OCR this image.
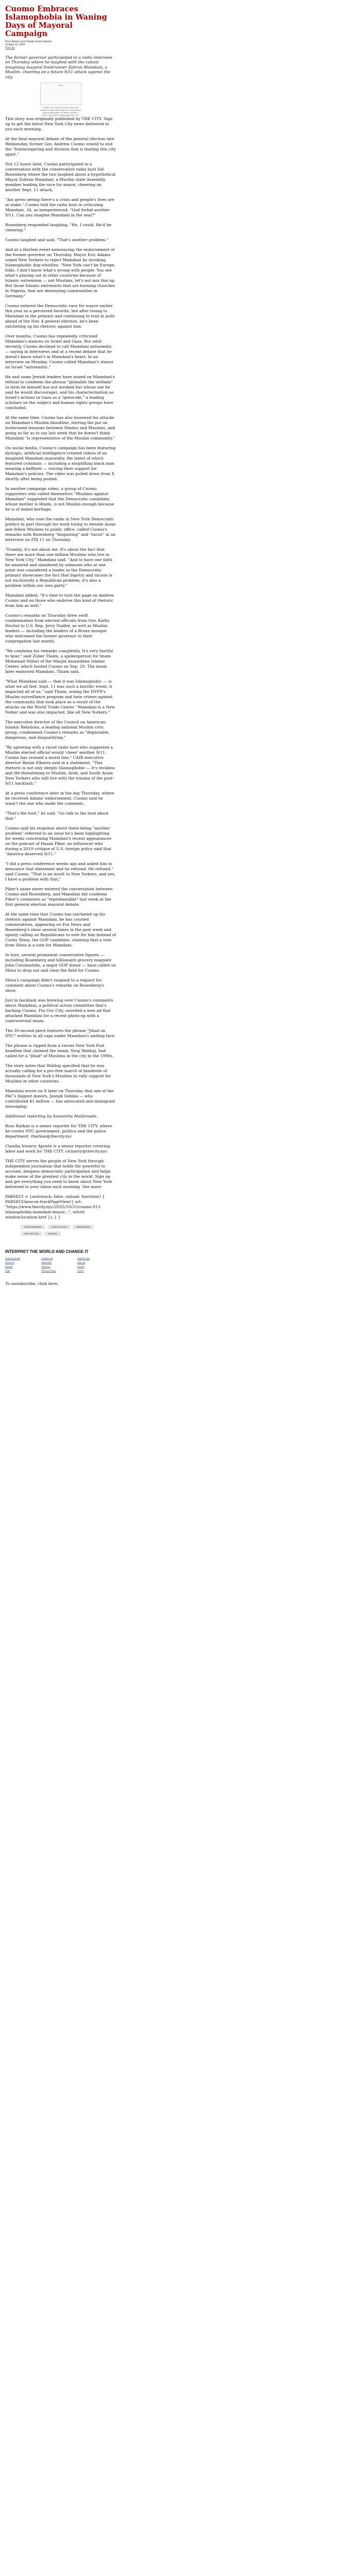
Cuomo Embraces Islamophobia in Waning Days of Mayoral Campaign
Ross Barkan and Claudia Irizarry Aponte
October 31, 2025
The City

The former governor participated in a radio interview on Thursday where he laughed with the cohost imagining mayoral frontrunner Zohran Mamdani, a Muslim, cheering on a future 9/11 attack against the city.

Photo
Former Gov. Andrew Cuomo greets the mayoral independent party at a conservative press headquarters in Harlem, March 1, 2025. Credit: Ben Fractenberg/THE CITY

This story was originally published by THE CITY. Sign up to get the latest New York City news delivered to you each morning.

At the final mayoral debate of the general election late Wednesday, former Gov. Andrew Cuomo vowed to end the "fearmongering and division that is tearing this city apart."

Not 12 hours later, Cuomo participated in a conversation with the conservative radio host Sid Rosenberg where the two laughed about a hypothetical Mayor Zohran Mamdani, a Muslim state Assembly member leading the race for mayor, cheering on another Sept. 11 attack.

"Am given seeing there's a crisis and people's lives are at stake," Cuomo told the radio host in criticizing Mamdani, 34, as inexperienced. "God forbid another 9/11. Can you imagine Mamdani in the seat?"

Rosenberg responded laughing, "He, I could. He'd be cheering."

Cuomo laughed and said, "That's another problem."

And at a Harlem event announcing the endorsement of the former governor on Thursday, Mayor Eric Adams urged New Yorkers to reject Mamdani by invoking Islamophobic dog-whistles: "New York can't be Europe, folks. I don't know what's wrong with people. You see what's playing out in other countries because of Islamic extremism — not Muslims, let's not mix this up. But those Islamic extremists that are burning churches in Nigeria, that are destroying communities in Germany."

Cuomo entered the Democratic race for mayor earlier this year as a perceived favorite, but after losing to Mamdani in the primary and continuing to trail in polls ahead of the Nov. 4 general election, he's been ratcheting up his rhetoric against him.

Over months, Cuomo has repeatedly criticized Mamdani's stances on Israel and Gaza. But until recently, Cuomo declined to call Mamdani antisemitic — saying in interviews and at a recent debate that he doesn't know what's in Mamdani's heart. In an interview on Monday, Cuomo called Mamdani's stance on Israel "antisemitic."

He and some Jewish leaders have seized on Mamdani's refusal to condemn the phrase "globalize the intifada" (a term he himself has not invoked but whose use he said he would discourage), and his characterization as Israel's actions in Gaza as a "genocide," a leading scholars on the subject and human rights groups have concluded.

At the same time, Cuomo has also loosened his attacks on Mamdani's Muslim bloodline, stirring the pot on lowbrowed tensions between Hindus and Muslims, and going so far as to say last week that he doesn't think Mamdani "is representative of the Muslim community."

On social media, Cuomo's campaign has been featuring dystopic, artificial intelligence-created videos of an imagined Mamdani mayoralty, the latest of which featured criminals — including a shoplifting black man wearing a keffiyeh — voicing their support for Mamdani's policies. The video was pulled down from X shortly after being posted.

In another campaign video, a group of Cuomo supporters who called themselves "Muslims against Mamdani" suggested that the Democratic candidate, whose mother is Hindu, is not Muslim enough because he is of mixed heritage.

Mamdani, who rose the ranks in New York Democratic politics in part through his work trying to elevate Asian and fellow Muslims to public office, called Cuomo's remarks with Rosenberg "disgusting" and "racist" in an interview on PIX 11 on Thursday.

"Frankly, it's not about me. It's about the fact that there are more than one million Muslims who live in New York City," Mamdani said. "And to have one faith be smeared and slandered by someone who at one point was considered a leader in the Democratic primary showcases the fact that bigotry and racism is not exclusively a Republican problem, it's also a problem within our own party."

Mamdani added, "It's time to turn the page on Andrew Cuomo and on those who endorse this kind of rhetoric from him as well."

Cuomo's remarks on Thursday drew swift condemnation from elected officials from Gov. Kathy Hochul to U.S. Rep. Jerry Nadler, as well as Muslim leaders — including the leaders of a Bronx mosque who welcomed the former governor to their congregation last month.

"We condemn his remarks completely. It's very hurtful to hear," said Zuber Thaim, a spokesperson for Imam Mohamad Nilfari of the Masjid Assawdeen Islamic Center, which hosted Cuomo on Sep. 20. The imam later endorsed Mamdani, Thiam said.

"What Mamdani said — that it was Islamophobic — is what we all feel. Sept. 11 was such a horrific event, it impacted all of us," said Thiam, noting the NYPD's Muslim surveillance program and hate crimes against the community that took place as a result of the attacks on the World Trade Center. "Mamdani is a New Yorker and was also impacted, like all New Yorkers."

The executive director of the Council on American-Islamic Relations, a leading national Muslim civic group, condemned Cuomo's remarks as "deplorable, dangerous, and disqualifying."

"By agreeing with a racist radio host who suggested a Muslim elected official would 'cheer' another 9/11, Cuomo has crossed a moral line," CAIR executive director Basim Elkarra said in a statement. "This rhetoric is not only deeply Islamophobic — it's reckless and life-threatening to Muslim, Arab, and South Asian New Yorkers who still live with the trauma of the post-9/11 backlash."

At a press conference later in the day Thursday, where he received Adams' endorsement, Cuomo said he wasn't the one who made the comment.

"That's the host," he said. "Go talk to the host about that."

Cuomo said his response about there being "another problem" referred to an issue he's been highlighting for weeks concerning Mamdani's recent appearances on the podcast of Hasan Piker, an influencer who during a 2019 critique of U.S. foreign policy said that "America deserved 9/11."

"I did a press conference weeks ago and asked him to denounce that statement and he refused. He refused," said Cuomo. "That is an insult to New Yorkers, and yes, I have a problem with that."

Piker's name never entered the conversation between Cuomo and Rosenberg, and Mamdani did condemn Piker's comments as "reprehensible" last week at the first general election mayoral debate.

At the same time that Cuomo has ratcheted up his rhetoric against Mamdani, he has courted conservatives, appearing on Fox News and Rosenberg's show several times in the past week and openly calling on Republicans to vote for him instead of Curtis Sliwa, the GOP candidate, claiming that a vote from Sliwa is a vote for Mamdani.

In turn, several prominent conservative figures — including Rosenberg and billionaire grocery magnate John Catsimatidis, a major GOP donor — have called on Sliwa to drop out and clear the field for Cuomo.

Sliwa's campaign didn't respond to a request for comment about Cuomo's remarks on Rosenberg's show.

Just in backlash was brewing over Cuomo's comments about Mamdani, a political action committee that's backing Cuomo, For Our City, unveiled a new ad that attacked Mamdani for a recent photo-op with a controversial imam.

The 30-second piece features the phrase "Jihad on NYC" written in all caps under Mamdani's smiling face.

The phrase is ripped from a recent New York Post headline that claimed the imam, Siraj Wahhaj, had called for a "jihad" of Muslims in the city in the 1990s.

The story notes that Wahhaj specified that he was actually calling for a pro-free march of hundreds of thousands of New York's Muslims to rally support for Muslims in other countries.

Mamdani wrote on X later on Thursday that one of the PAC's biggest donors, Joseph Gebbia — who contributed $1 million — has advocated anti-immigrant messaging.

Additional reporting by Samantha Maldonado.

Ross Barkan is a senior reporter for THE CITY, where he covers NYC government, politics and the police department. rbarkan@thecity.nyc

Claudia Irizarry Aponte is a senior reporter covering labor and work for THE CITY. cirizarry@thecity.nyc

THE CITY serves the people of New York through independent journalism that holds the powerful to account, deepens democratic participation and helps make sense of the greatest city in the world. Sign up and get everything you need to know about New York delivered to your inbox each morning. See more

PARSELY = {autotrack: false, onload: function() { PARSELY.beacon.trackPageView({ url: "https://www.thecity.nyc/2025/10/31/cuomo-911-islamophobia-mamdani-mayor...", urlref: window.location.href }); } }

Zohran Mamdani	Andrew Cuomo	islamophobia
New York City	elections
INTERPRET THE WORLD AND CHANGE IT
Submit op-eds	Contact Us	Submit a tip
Email us	Subscribe	Sign up
Donate	About us	Events
Jobs	Privacy Policy	Terms
To unsubscribe, click here.
